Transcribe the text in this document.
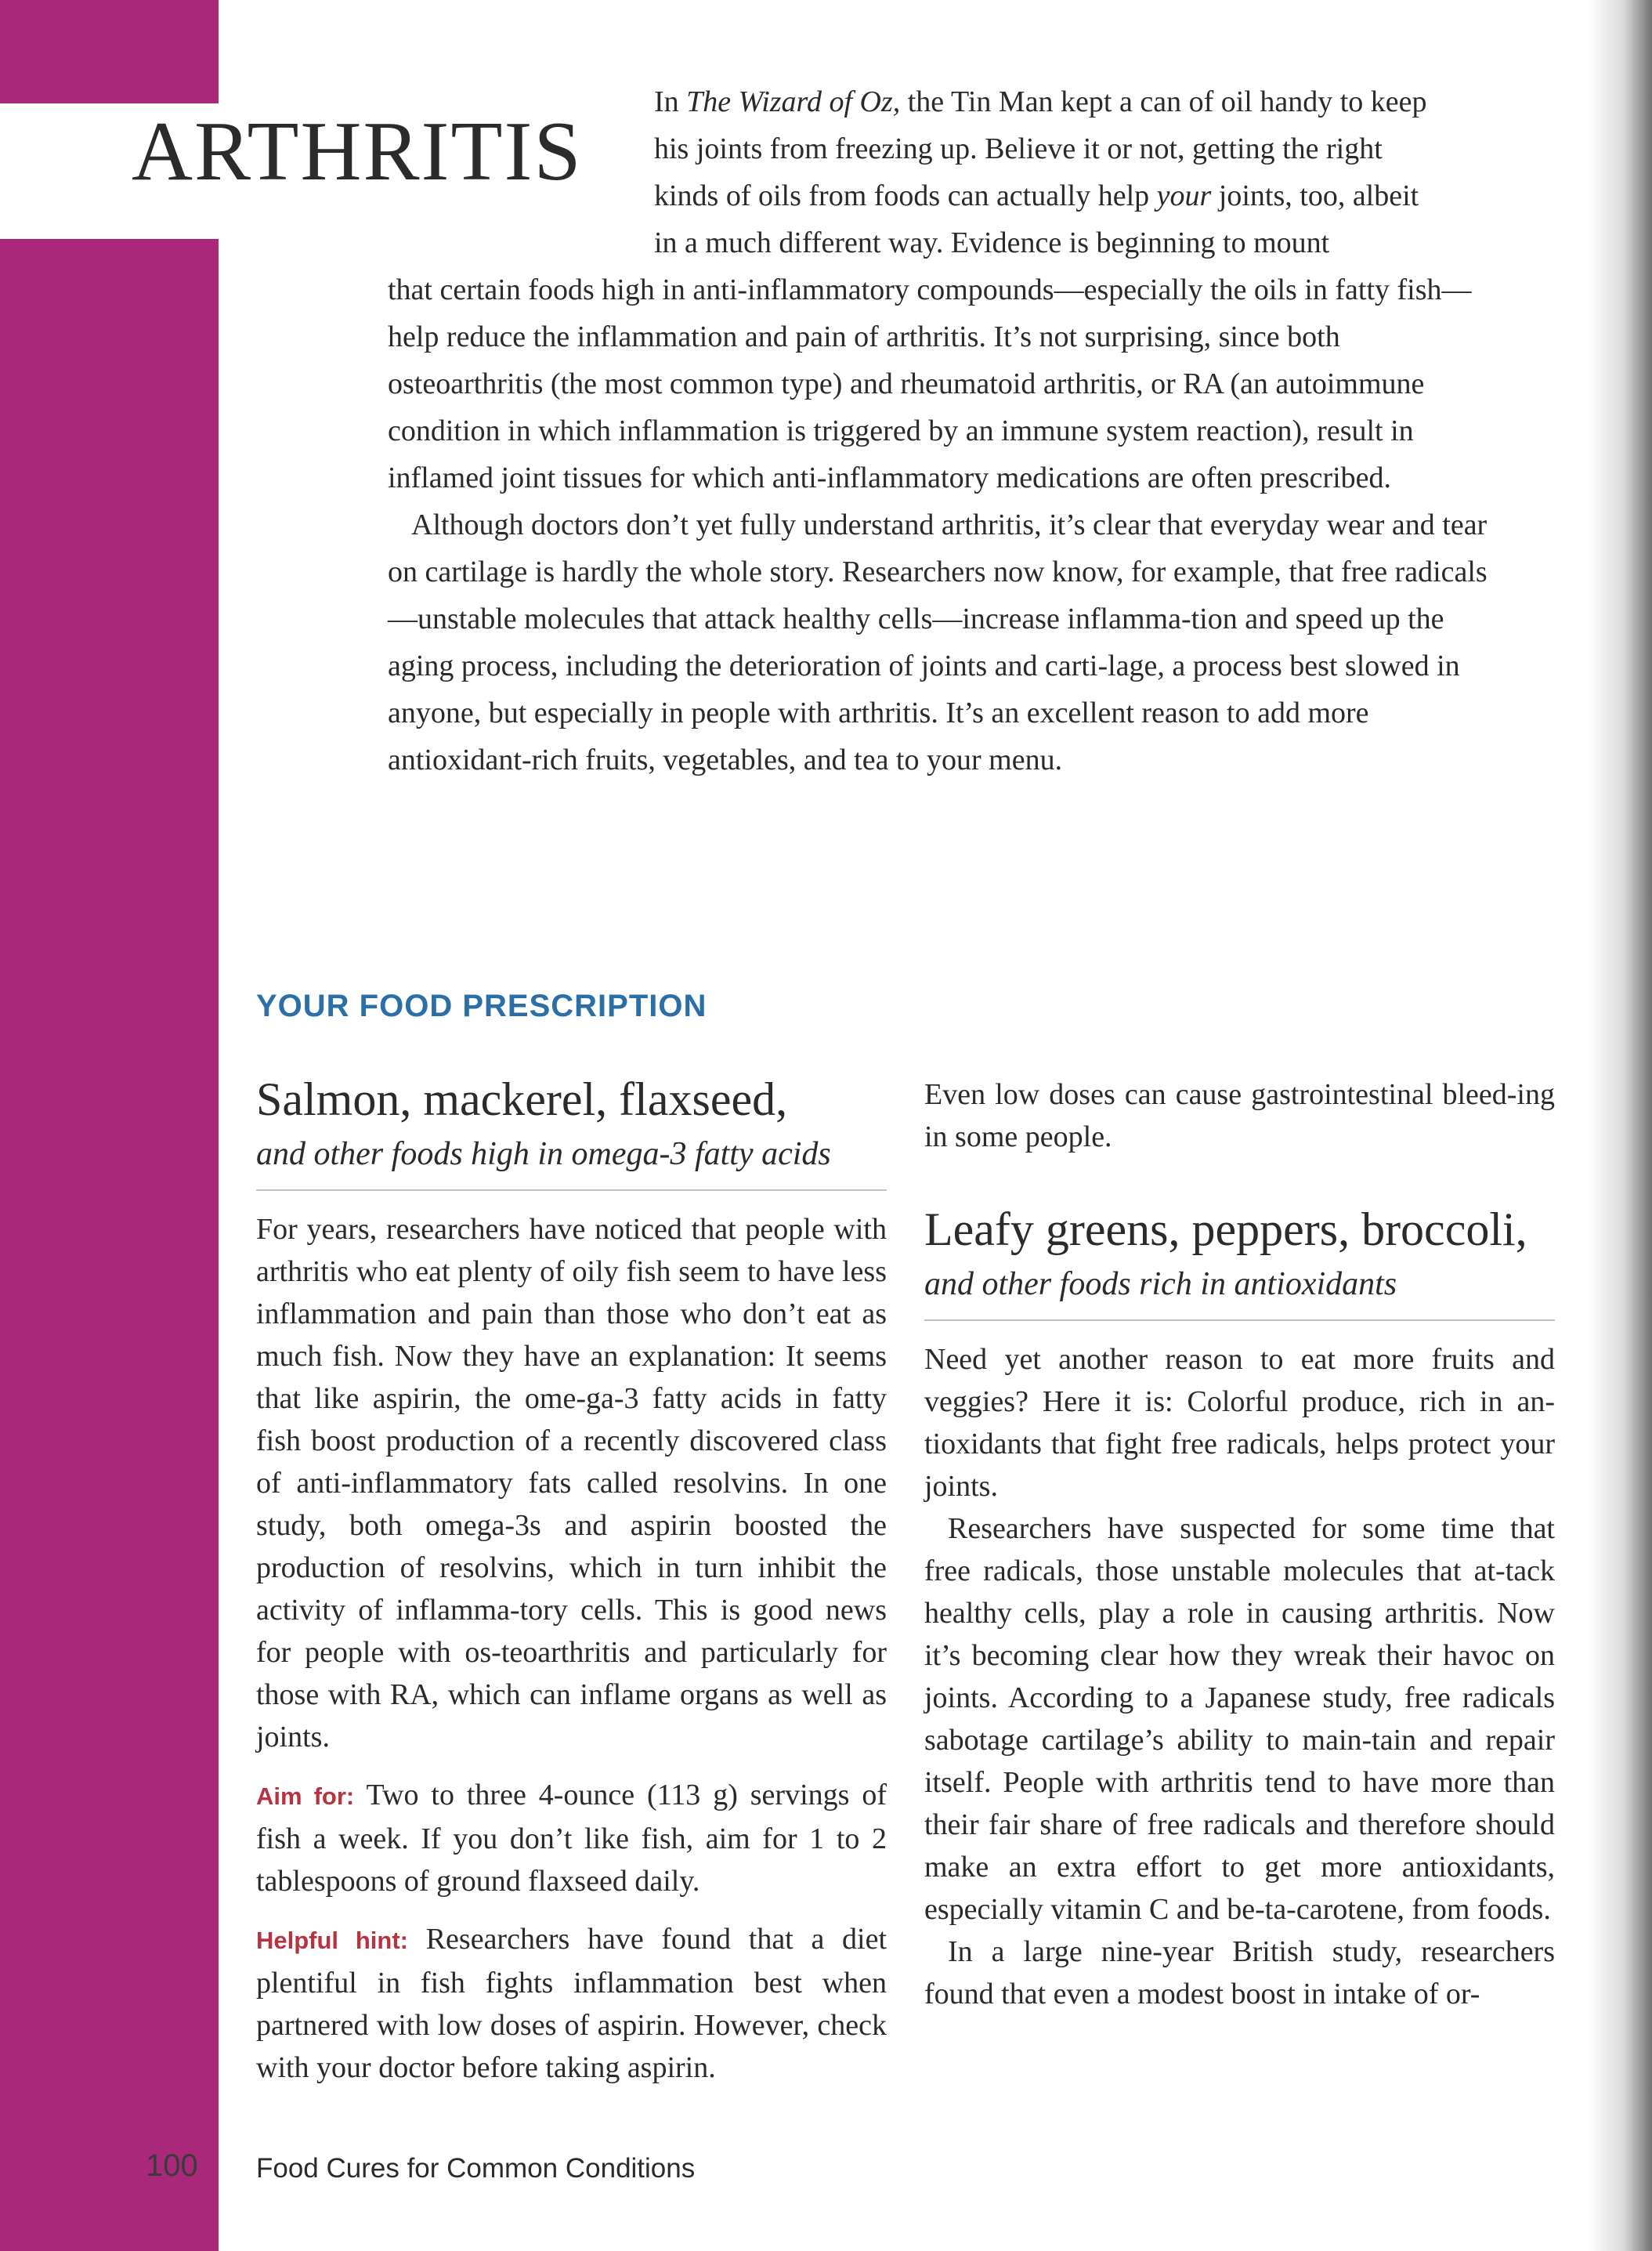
ARTHRITIS

In The Wizard of Oz, the Tin Man kept a can of oil handy to keep his joints from freezing up. Believe it or not, getting the right kinds of oils from foods can actually help your joints, too, albeit in a much different way. Evidence is beginning to mount

that certain foods high in anti-inflammatory compounds—especially the oils in fatty fish—help reduce the inflammation and pain of arthritis. It’s not surprising, since both osteoarthritis (the most common type) and rheumatoid arthritis, or RA (an autoimmune condition in which inflammation is triggered by an immune system reaction), result in inflamed joint tissues for which anti-inflammatory medications are often prescribed.

Although doctors don’t yet fully understand arthritis, it’s clear that everyday wear and tear on cartilage is hardly the whole story. Researchers now know, for example, that free radicals—unstable molecules that attack healthy cells—increase inflamma-tion and speed up the aging process, including the deterioration of joints and carti-lage, a process best slowed in anyone, but especially in people with arthritis. It’s an excellent reason to add more antioxidant-rich fruits, vegetables, and tea to your menu.

YOUR FOOD PRESCRIPTION
Salmon, mackerel, flaxseed,

and other foods high in omega-3 fatty acids

For years, researchers have noticed that people with arthritis who eat plenty of oily fish seem to have less inflammation and pain than those who don’t eat as much fish. Now they have an explanation: It seems that like aspirin, the ome-ga-3 fatty acids in fatty fish boost production of a recently discovered class of anti-inflammatory fats called resolvins. In one study, both omega-3s and aspirin boosted the production of resolvins, which in turn inhibit the activity of inflamma-tory cells. This is good news for people with os-teoarthritis and particularly for those with RA, which can inflame organs as well as joints.

Aim for: Two to three 4-ounce (113 g) servings of fish a week. If you don’t like fish, aim for 1 to 2 tablespoons of ground flaxseed daily.

Helpful hint: Researchers have found that a diet plentiful in fish fights inflammation best when partnered with low doses of aspirin. However, check with your doctor before taking aspirin.

Even low doses can cause gastrointestinal bleed-ing in some people.

Leafy greens, peppers, broccoli,

and other foods rich in antioxidants

Need yet another reason to eat more fruits and veggies? Here it is: Colorful produce, rich in an-tioxidants that fight free radicals, helps protect your joints.

Researchers have suspected for some time that free radicals, those unstable molecules that at-tack healthy cells, play a role in causing arthritis. Now it’s becoming clear how they wreak their havoc on joints. According to a Japanese study, free radicals sabotage cartilage’s ability to main-tain and repair itself. People with arthritis tend to have more than their fair share of free radicals and therefore should make an extra effort to get more antioxidants, especially vitamin C and be-ta-carotene, from foods.

In a large nine-year British study, researchers found that even a modest boost in intake of or-

100 Food Cures for Common Conditions
